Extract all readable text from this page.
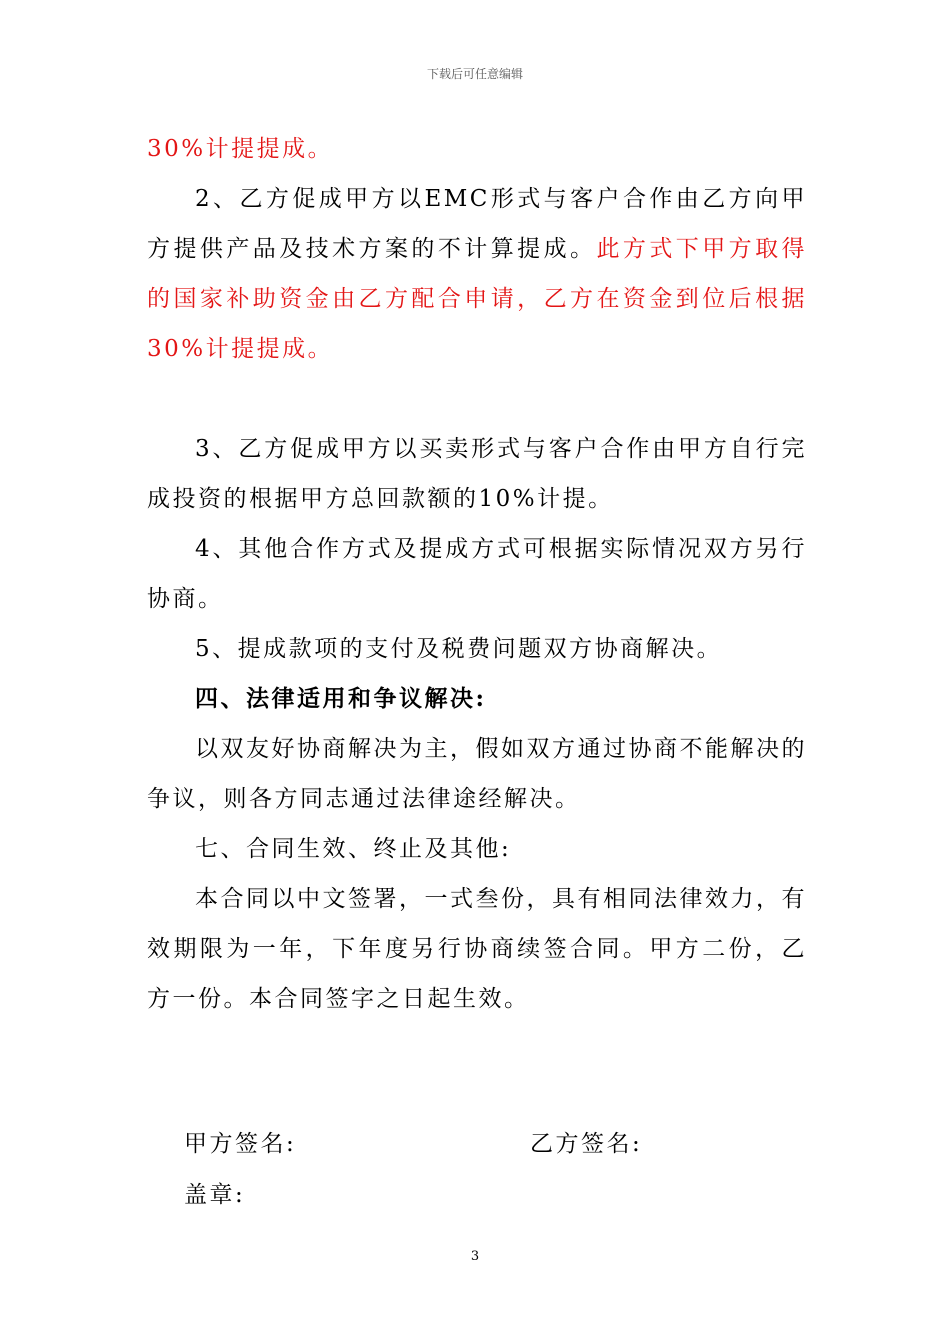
下载后可任意编辑

30%计提提成。

2、乙方促成甲方以EMC形式与客户合作由乙方向甲方提供产品及技术方案的不计算提成。此方式下甲方取得的国家补助资金由乙方配合申请，乙方在资金到位后根据30%计提提成。

3、乙方促成甲方以买卖形式与客户合作由甲方自行完成投资的根据甲方总回款额的10%计提。

4、其他合作方式及提成方式可根据实际情况双方另行协商。

5、提成款项的支付及税费问题双方协商解决。

四、法律适用和争议解决:

以双友好协商解决为主，假如双方通过协商不能解决的争议，则各方同志通过法律途经解决。

七、合同生效、终止及其他:

本合同以中文签署，一式叁份，具有相同法律效力，有效期限为一年，下年度另行协商续签合同。甲方二份，乙方一份。本合同签字之日起生效。

甲方签名:	乙方签名:
盖章:
3
